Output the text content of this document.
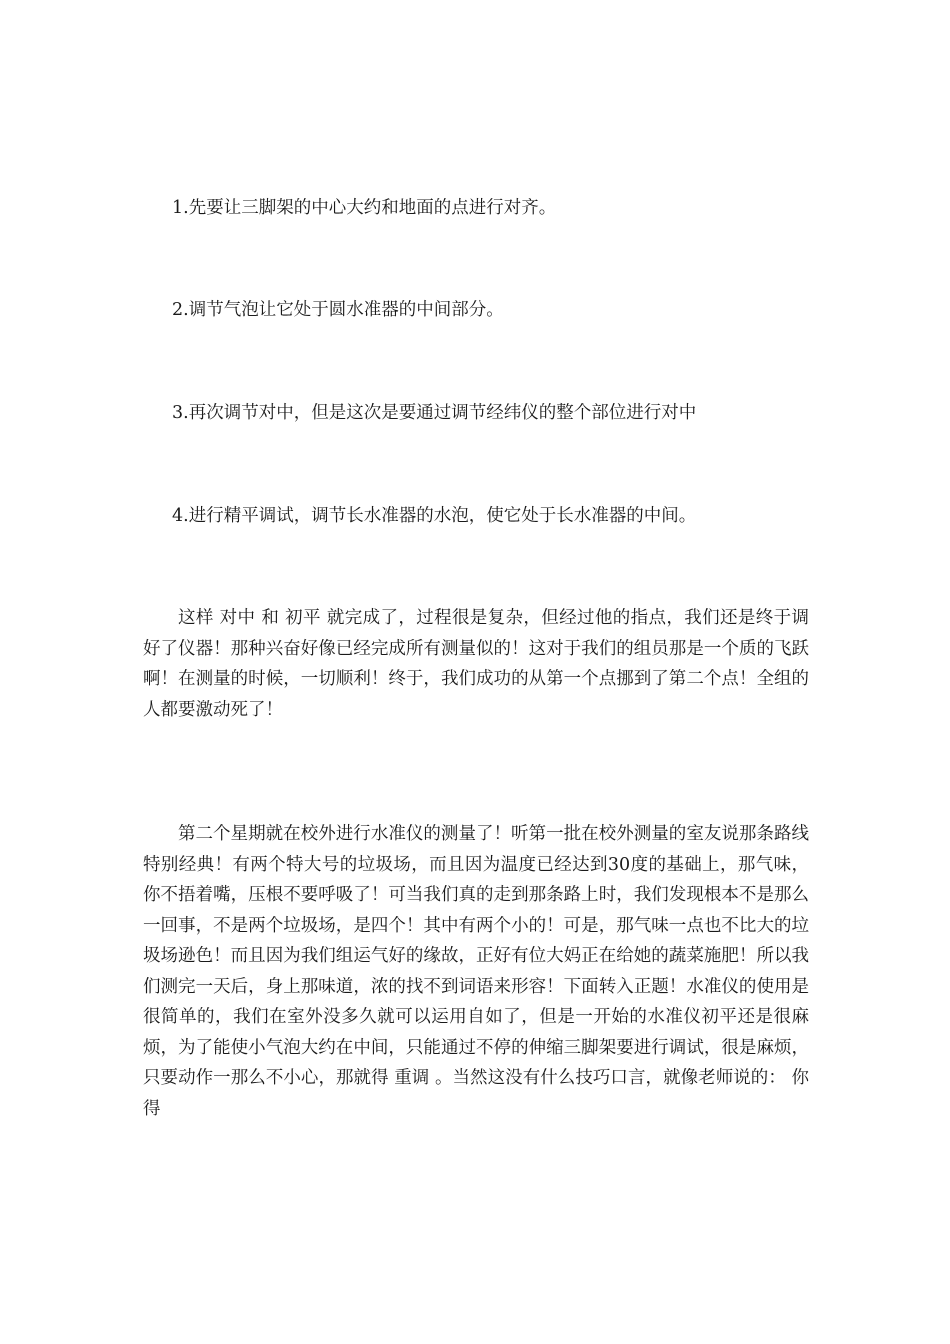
1.先要让三脚架的中心大约和地面的点进行对齐。
2.调节气泡让它处于圆水准器的中间部分。
3.再次调节对中，但是这次是要通过调节经纬仪的整个部位进行对中
4.进行精平调试，调节长水准器的水泡，使它处于长水准器的中间。

这样 对中 和 初平 就完成了，过程很是复杂，但经过他的指点，我们还是终于调好了仪器！那种兴奋好像已经完成所有测量似的！这对于我们的组员那是一个质的飞跃啊！在测量的时候，一切顺利！终于，我们成功的从第一个点挪到了第二个点！全组的人都要激动死了！

第二个星期就在校外进行水准仪的测量了！听第一批在校外测量的室友说那条路线特别经典！有两个特大号的垃圾场，而且因为温度已经达到30度的基础上，那气味，你不捂着嘴，压根不要呼吸了！可当我们真的走到那条路上时，我们发现根本不是那么一回事，不是两个垃圾场，是四个！其中有两个小的！可是，那气味一点也不比大的垃圾场逊色！而且因为我们组运气好的缘故，正好有位大妈正在给她的蔬菜施肥！所以我们测完一天后，身上那味道，浓的找不到词语来形容！下面转入正题！水准仪的使用是很简单的，我们在室外没多久就可以运用自如了，但是一开始的水准仪初平还是很麻烦，为了能使小气泡大约在中间，只能通过不停的伸缩三脚架要进行调试，很是麻烦，只要动作一那么不小心，那就得 重调 。当然这没有什么技巧口言，就像老师说的： 你得
